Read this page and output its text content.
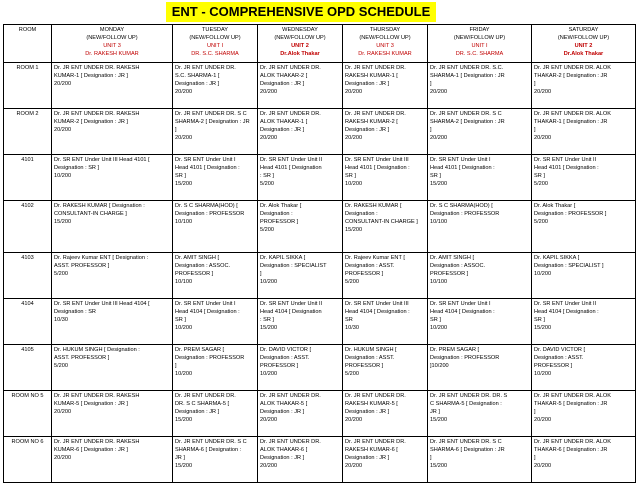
ENT - COMPREHENSIVE OPD SCHEDULE
ROOM	MONDAY
(NEW/FOLLOW UP)
UNIT 3
Dr. RAKESH KUMAR	TUESDAY
(NEW/FOLLOW UP)
UNIT I
DR. S.C. SHARMA	WEDNESDAY
(NEW/FOLLOW UP)
UNIT 2
Dr.Alok Thakar	THURSDAY
(NEW/FOLLOW UP)
UNIT 3
Dr. RAKESH KUMAR	FRIDAY
(NEW/FOLLOW UP)
UNIT I
DR. S.C. SHARMA	SATURDAY
(NEW/FOLLOW UP)
UNIT 2
Dr.Alok Thakar

ROOM 1	Dr. JR ENT UNDER DR. RAKESH
KUMAR-1 [ Designation : JR ]
20/200	Dr. JR ENT UNDER DR.
S.C. SHARMA-1 [
Designation : JR ]
20/200	Dr. JR ENT UNDER DR.
ALOK THAKAR-2 [
Designation : JR ]
20/200	Dr. JR ENT UNDER DR.
RAKESH KUMAR-1 [
Designation : JR ]
20/200	Dr. JR ENT UNDER DR. S.C.
SHARMA-1 [ Designation : JR
]
20/200	Dr. JR ENT UNDER DR. ALOK
THAKAR-2 [ Designation : JR
]
20/200

ROOM 2	Dr. JR ENT UNDER DR. RAKESH
KUMAR-2 [ Designation : JR ]
20/200	Dr. JR ENT UNDER DR. S C
SHARMA-2 [ Designation : JR
]
20/200	Dr. JR ENT UNDER DR.
ALOK THAKAR-1 [
Designation : JR ]
20/200	Dr. JR ENT UNDER DR.
RAKESH KUMAR-2 [
Designation : JR ]
20/200	Dr. JR ENT UNDER DR. S C
SHARMA-2 [ Designation : JR
]
20/200	Dr. JR ENT UNDER DR. ALOK
THAKAR-1 [ Designation : JR
]
20/200

4101	Dr. SR ENT Under Unit III Head 4101 [
Designation : SR ]
10/200	Dr. SR ENT Under Unit I
Head 4101 [ Designation :
SR ]
15/200	Dr. SR ENT Under Unit II
Head 4101 [ Designation
: SR ]
5/200	Dr. SR ENT Under Unit III
Head 4101 [ Designation :
SR ]
10/200	Dr. SR ENT Under Unit I
Head 4101 [ Designation :
SR ]
15/200	Dr. SR ENT Under Unit II
Head 4101 [ Designation :
SR ]
5/200

4102	Dr. RAKESH KUMAR [ Designation :
CONSULTANT-IN CHARGE ]
15/200	Dr. S C SHARMA(HOD) [
Designation : PROFESSOR
10/100	Dr. Alok Thakar [
Designation :
PROFESSOR ]
5/200	Dr. RAKESH KUMAR [
Designation :
CONSULTANT-IN CHARGE ]
15/200	Dr. S C SHARMA(HOD) [
Designation : PROFESSOR
10/100	Dr. Alok Thakar [
Designation : PROFESSOR ]
5/200

4103	Dr. Rajeev Kumar ENT [ Designation :
ASST. PROFESSOR ]
5/200	Dr. AMIT SINGH [
Designation : ASSOC.
PROFESSOR ]
10/100	Dr. KAPIL SIKKA [
Designation : SPECIALIST
]
10/200	Dr. Rajeev Kumar ENT [
Designation : ASST.
PROFESSOR ]
5/200	Dr. AMIT SINGH [
Designation : ASSOC.
PROFESSOR ]
10/100	Dr. KAPIL SIKKA [
Designation : SPECIALIST ]
10/200

4104	Dr. SR ENT Under Unit III Head 4104 [
Designation : SR
10/30	Dr. SR ENT Under Unit I
Head 4104 [ Designation :
SR ]
10/200	Dr. SR ENT Under Unit II
Head 4104 [ Designation
: SR ]
15/200	Dr. SR ENT Under Unit III
Head 4104 [ Designation :
SR
10/30	Dr. SR ENT Under Unit I
Head 4104 [ Designation :
SR ]
10/200	Dr. SR ENT Under Unit II
Head 4104 [ Designation :
SR ]
15/200

4105	Dr. HUKUM SINGH [ Designation :
ASST. PROFESSOR ]
5/200	Dr. PREM SAGAR [
Designation : PROFESSOR
]
10/200	Dr. DAVID VICTOR [
Designation : ASST.
PROFESSOR ]
10/200	Dr. HUKUM SINGH [
Designation : ASST.
PROFESSOR ]
5/200	Dr. PREM SAGAR [
Designation : PROFESSOR
]10/200	Dr. DAVID VICTOR [
Designation : ASST.
PROFESSOR ]
10/200

ROOM NO 5	Dr. JR ENT UNDER DR. RAKESH
KUMAR-5 [ Designation : JR ]
20/200	Dr. JR ENT UNDER DR.
DR. S C SHARMA-5 [
Designation : JR ]
15/200	Dr. JR ENT UNDER DR.
ALOK THAKAR-5 [
Designation : JR ]
20/200	Dr. JR ENT UNDER DR.
RAKESH KUMAR-5 [
Designation : JR ]
20/200	Dr. JR ENT UNDER DR. DR. S
C SHARMA-5 [ Designation :
JR ]
15/200	Dr. JR ENT UNDER DR. ALOK
THAKAR-5 [ Designation : JR
]
20/200

ROOM NO 6	Dr. JR ENT UNDER DR. RAKESH
KUMAR-6 [ Designation : JR ]
20/200	Dr. JR ENT UNDER DR. S C
SHARMA-6 [ Designation :
JR ]
15/200	Dr. JR ENT UNDER DR.
ALOK THAKAR-6 [
Designation : JR ]
20/200	Dr. JR ENT UNDER DR.
RAKESH KUMAR-6 [
Designation : JR ]
20/200	Dr. JR ENT UNDER DR. S C
SHARMA-6 [ Designation : JR
]
15/200	Dr. JR ENT UNDER DR. ALOK
THAKAR-6 [ Designation : JR
]
20/200
